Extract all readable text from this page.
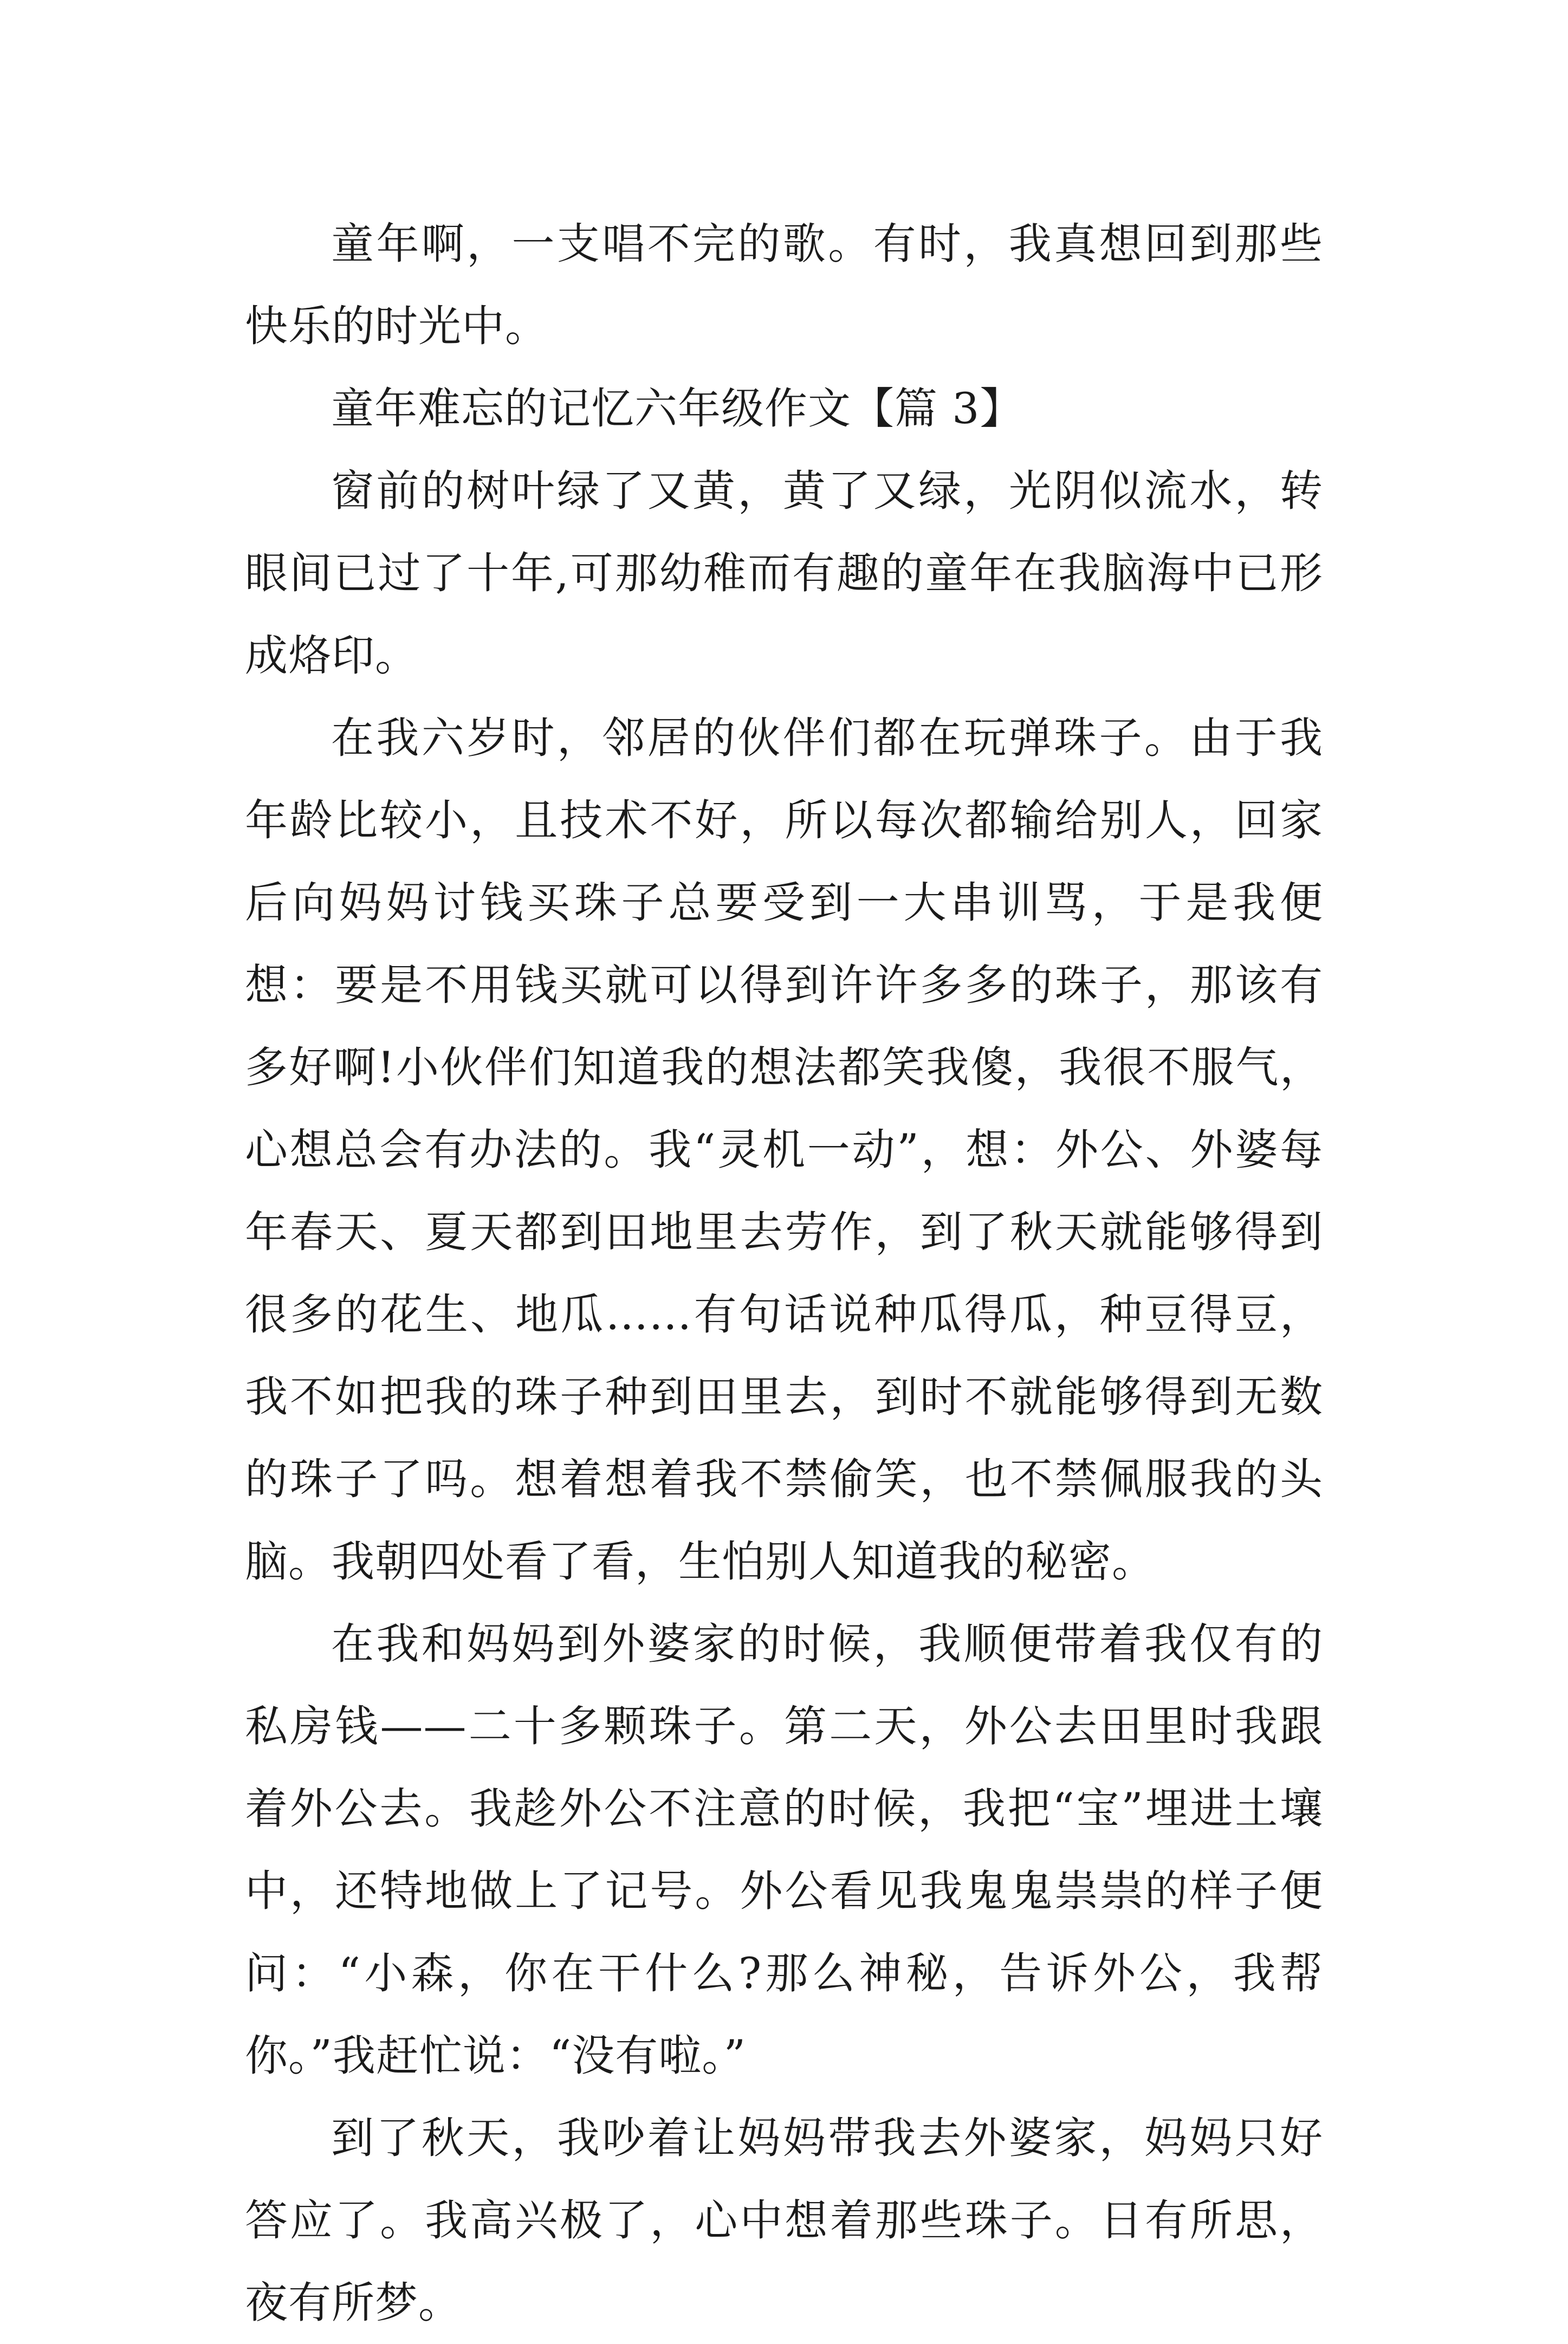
童年啊，一支唱不完的歌。有时，我真想回到那些快乐的时光中。

童年难忘的记忆六年级作文【篇 3】

窗前的树叶绿了又黄，黄了又绿，光阴似流水，转眼间已过了十年,可那幼稚而有趣的童年在我脑海中已形成烙印。

在我六岁时，邻居的伙伴们都在玩弹珠子。由于我年龄比较小，且技术不好，所以每次都输给别人，回家后向妈妈讨钱买珠子总要受到一大串训骂，于是我便想：要是不用钱买就可以得到许许多多的珠子，那该有多好啊!小伙伴们知道我的想法都笑我傻，我很不服气，心想总会有办法的。我“灵机一动”，想：外公、外婆每年春天、夏天都到田地里去劳作，到了秋天就能够得到很多的花生、地瓜……有句话说种瓜得瓜，种豆得豆，我不如把我的珠子种到田里去，到时不就能够得到无数的珠子了吗。想着想着我不禁偷笑，也不禁佩服我的头脑。我朝四处看了看，生怕别人知道我的秘密。

在我和妈妈到外婆家的时候，我顺便带着我仅有的私房钱——二十多颗珠子。第二天，外公去田里时我跟着外公去。我趁外公不注意的时候，我把“宝”埋进土壤中，还特地做上了记号。外公看见我鬼鬼祟祟的样子便问：“小森，你在干什么?那么神秘，告诉外公，我帮你。”我赶忙说：“没有啦。”

到了秋天，我吵着让妈妈带我去外婆家，妈妈只好答应了。我高兴极了，心中想着那些珠子。日有所思，夜有所梦。
